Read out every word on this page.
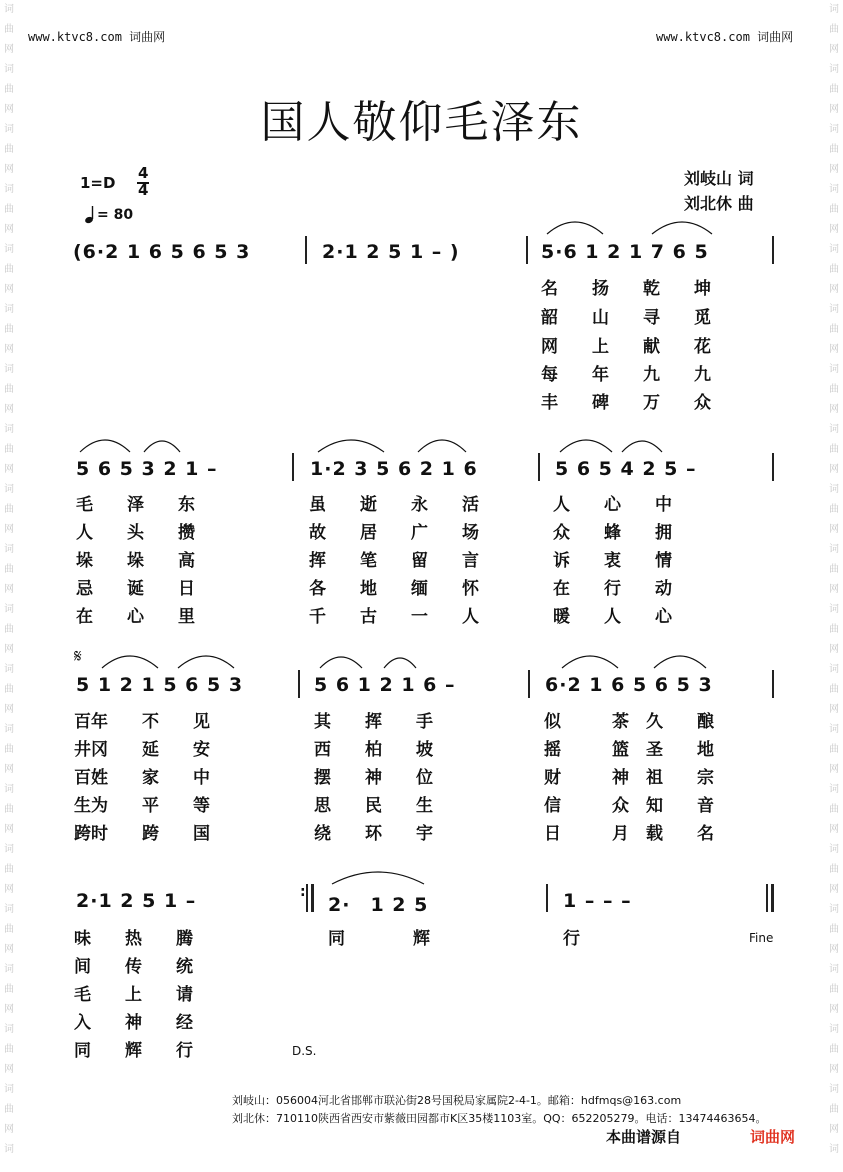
词
曲
网
词
曲
网
词
曲
网
词
曲
网
词
曲
网
词
曲
网
词
曲
网
词
曲
网
词
曲
网
词
曲
网
词
曲
网
词
曲
网
词
曲
网
词
曲
网
词
曲
网
词
曲
网
词
曲
网
词
曲
网
词
曲
网
词
词
曲
网
词
曲
网
词
曲
网
词
曲
网
词
曲
网
词
曲
网
词
曲
网
词
曲
网
词
曲
网
词
曲
网
词
曲
网
词
曲
网
词
曲
网
词
曲
网
词
曲
网
词
曲
网
词
曲
网
词
曲
网
词
曲
网
词
www.ktvc8.com 词曲网	www.ktvc8.com 词曲网
国人敬仰毛泽东
1=D
4
4
= 80
刘岐山 词
刘北休 曲
(6·2 1 6 5 6 5 3	2·1 2 5 1 – )	5·6 1 2 1 7 6 5
名　　扬　　乾　　坤
韶　　山　　寻　　觅
网　　上　　献　　花
每　　年　　九　　九
丰　　碑　　万　　众
5 6 5 3 2 1 –	1·2 3 5 6 2 1 6	5 6 5 4 2 5 –
毛　　泽　　东	虽　　逝　　永　　活	人　　心　　中
人　　头　　攒	故　　居　　广　　场	众　　蜂　　拥
垛　　垛　　高	挥　　笔　　留　　言	诉　　衷　　情
忌　　诞　　日	各　　地　　缅　　怀	在　　行　　动
在　　心　　里	千　　古　　一　　人	暖　　人　　心
𝄋
5 1 2 1 5 6 5 3	5 6 1 2 1 6 –	6·2 1 6 5 6 5 3
百年　　不　　见	其　　挥　　手	似　　　茶　久　　酿
井冈　　延　　安	西　　柏　　坡	摇　　　篮　圣　　地
百姓　　家　　中	摆　　神　　位	财　　　神　祖　　宗
生为　　平　　等	思　　民　　生	信　　　众　知　　音
跨时　　跨　　国	绕　　环　　宇	日　　　月　载　　名
2·1 2 5 1 –	:
2·　1 2 5	1 – – –
味　　热　　腾	同　　　　辉	行	Fine
间　　传　　统
毛　　上　　请
入　　神　　经
同　　辉　　行	D.S.
刘岐山：056004河北省邯郸市联沁街28号国税局家属院2-4-1。邮箱：hdfmqs@163.com
刘北休：710110陕西省西安市紫薇田园都市K区35楼1103室。QQ：652205279。电话：13474463654。
本曲谱源自	词曲网
